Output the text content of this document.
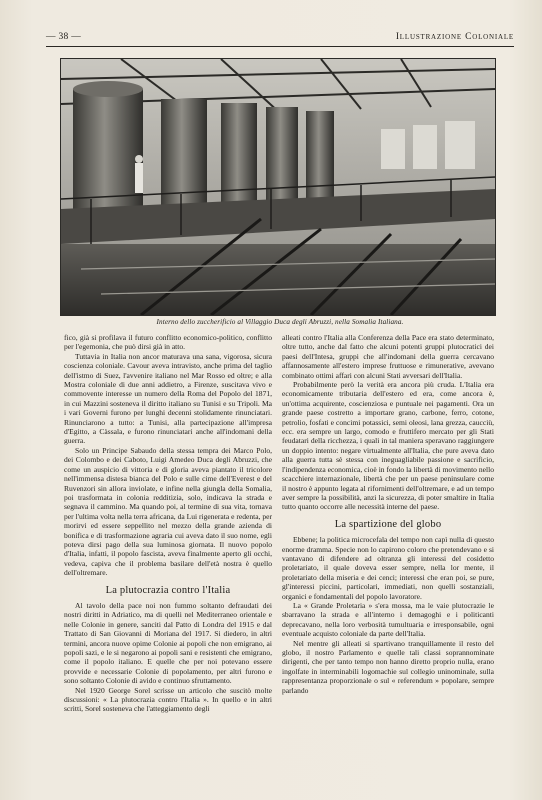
— 38 —	Illustrazione Coloniale
Interno dello zuccherificio al Villaggio Duca degli Abruzzi, nella Somalia Italiana.

fico, già si profilava il futuro conflitto economico-politico, conflitto per l'egemonia, che può dirsi già in atto.

Tuttavia in Italia non ancor maturava una sana, vigorosa, sicura coscienza coloniale. Cavour aveva intravisto, anche prima del taglio dell'istmo di Suez, l'avvenire italiano nel Mar Rosso ed oltre; e alla Mostra coloniale di due anni addietro, a Firenze, suscitava vivo e commovente interesse un numero della Roma del Popolo del 1871, in cui Mazzini sosteneva il diritto italiano su Tunisi e su Tripoli. Ma i vari Governi furono per lunghi decenni stolidamente rinunciatari. Rinunciarono a tutto: a Tunisi, alla partecipazione all'impresa d'Egitto, a Càssala, e furono rinunciatari anche all'indomani della guerra.

Solo un Principe Sabaudo della stessa tempra dei Marco Polo, dei Colombo e dei Caboto, Luigi Amedeo Duca degli Abruzzi, che come un auspicio di vittoria e di gloria aveva piantato il tricolore nell'immensa distesa bianca del Polo e sulle cime dell'Everest e del Ruvenzori sin allora inviolate, e infine nella giungla della Somalia, poi trasformata in colonia redditizia, solo, indicava la strada e segnava il cammino. Ma quando poi, al termine di sua vita, tornava per l'ultima volta nella terra africana, da Lui rigenerata e redenta, per morirvi ed essere seppellito nel mezzo della grande azienda di bonifica e di trasformazione agraria cui aveva dato il suo nome, egli poteva dirsi pago della sua luminosa giornata. Il nuovo popolo d'Italia, infatti, il popolo fascista, aveva finalmente aperto gli occhi, vedeva, capiva che il problema basilare dell'età nostra è quello dell'oltremare.

La plutocrazia contro l'Italia

Al tavolo della pace noi non fummo soltanto defraudati dei nostri diritti in Adriatico, ma di quelli nel Mediterraneo orientale e nelle Colonie in genere, sanciti dal Patto di Londra del 1915 e dal Trattato di San Giovanni di Moriana del 1917. Si diedero, in altri termini, ancora nuove opime Colonie ai popoli che non emigrano, ai popoli sazi, e le si negarono ai popoli sani e resistenti che emigrano, come il popolo italiano. E quelle che per noi potevano essere provvide e necessarie Colonie di popolamento, per altri furono e sono soltanto Colonie di avido e continuo sfruttamento.

Nel 1920 George Sorel scrisse un articolo che suscitò molte discussioni: « La plutocrazia contro l'Italia ». In quello e in altri scritti, Sorel sosteneva che l'atteggiamento degli

alleati contro l'Italia alla Conferenza della Pace era stato determinato, oltre tutto, anche dal fatto che alcuni potenti gruppi plutocratici dei paesi dell'Intesa, gruppi che all'indomani della guerra cercavano affannosamente all'estero imprese fruttuose e rimunerative, avevano combinato ottimi affari con alcuni Stati avversari dell'Italia.

Probabilmente però la verità era ancora più cruda. L'Italia era economicamente tributaria dell'estero ed era, come ancora è, un'ottima acquirente, coscienziosa e puntuale nei pagamenti. Ora un grande paese costretto a importare grano, carbone, ferro, cotone, petrolio, fosfati e concimi potassici, semi oleosi, lana grezza, caucciù, ecc. era sempre un largo, comodo e fruttifero mercato per gli Stati feudatari della ricchezza, i quali in tal maniera speravano raggiungere un doppio intento: negare virtualmente all'Italia, che pure aveva dato alla guerra tutta sè stessa con ineguagliabile passione e sacrificio, l'indipendenza economica, cioè in fondo la libertà di movimento nello scacchiere internazionale, libertà che per un paese peninsulare come il nostro è appunto legata al rifornimenti dell'oltremare, e ad un tempo aver sempre la possibilità, anzi la sicurezza, di poter smaltire in Italia tutto quanto occorre alle necessità interne del paese.

La spartizione del globo

Ebbene; la politica microcefala del tempo non capì nulla di questo enorme dramma. Specie non lo capirono coloro che pretendevano e si vantavano di difendere ad oltranza gli interessi del cosidetto proletariato, il quale doveva esser sempre, nella lor mente, il proletariato della miseria e dei cenci; interessi che eran poi, se pure, gl'interessi piccini, particolari, immediati, non quelli sostanziali, organici e fondamentali del popolo lavoratore.

La « Grande Proletaria » s'era mossa, ma le vaie plutocrazie le sbarravano la strada e all'interno i demagoghi e i politicanti deprecavano, nella loro verbosità tumultuaria e irresponsabile, ogni eventuale acquisto coloniale da parte dell'Italia.

Nel mentre gli alleati si spartivano tranquillamente il resto del globo, il nostro Parlamento e quelle tali classi soprannominate dirigenti, che per tanto tempo non hanno diretto proprio nulla, erano ingolfate in interminabili logomachie sul collegio uninominale, sulla rappresentanza proporzionale o sul « referendum » popolare, sempre parlando
